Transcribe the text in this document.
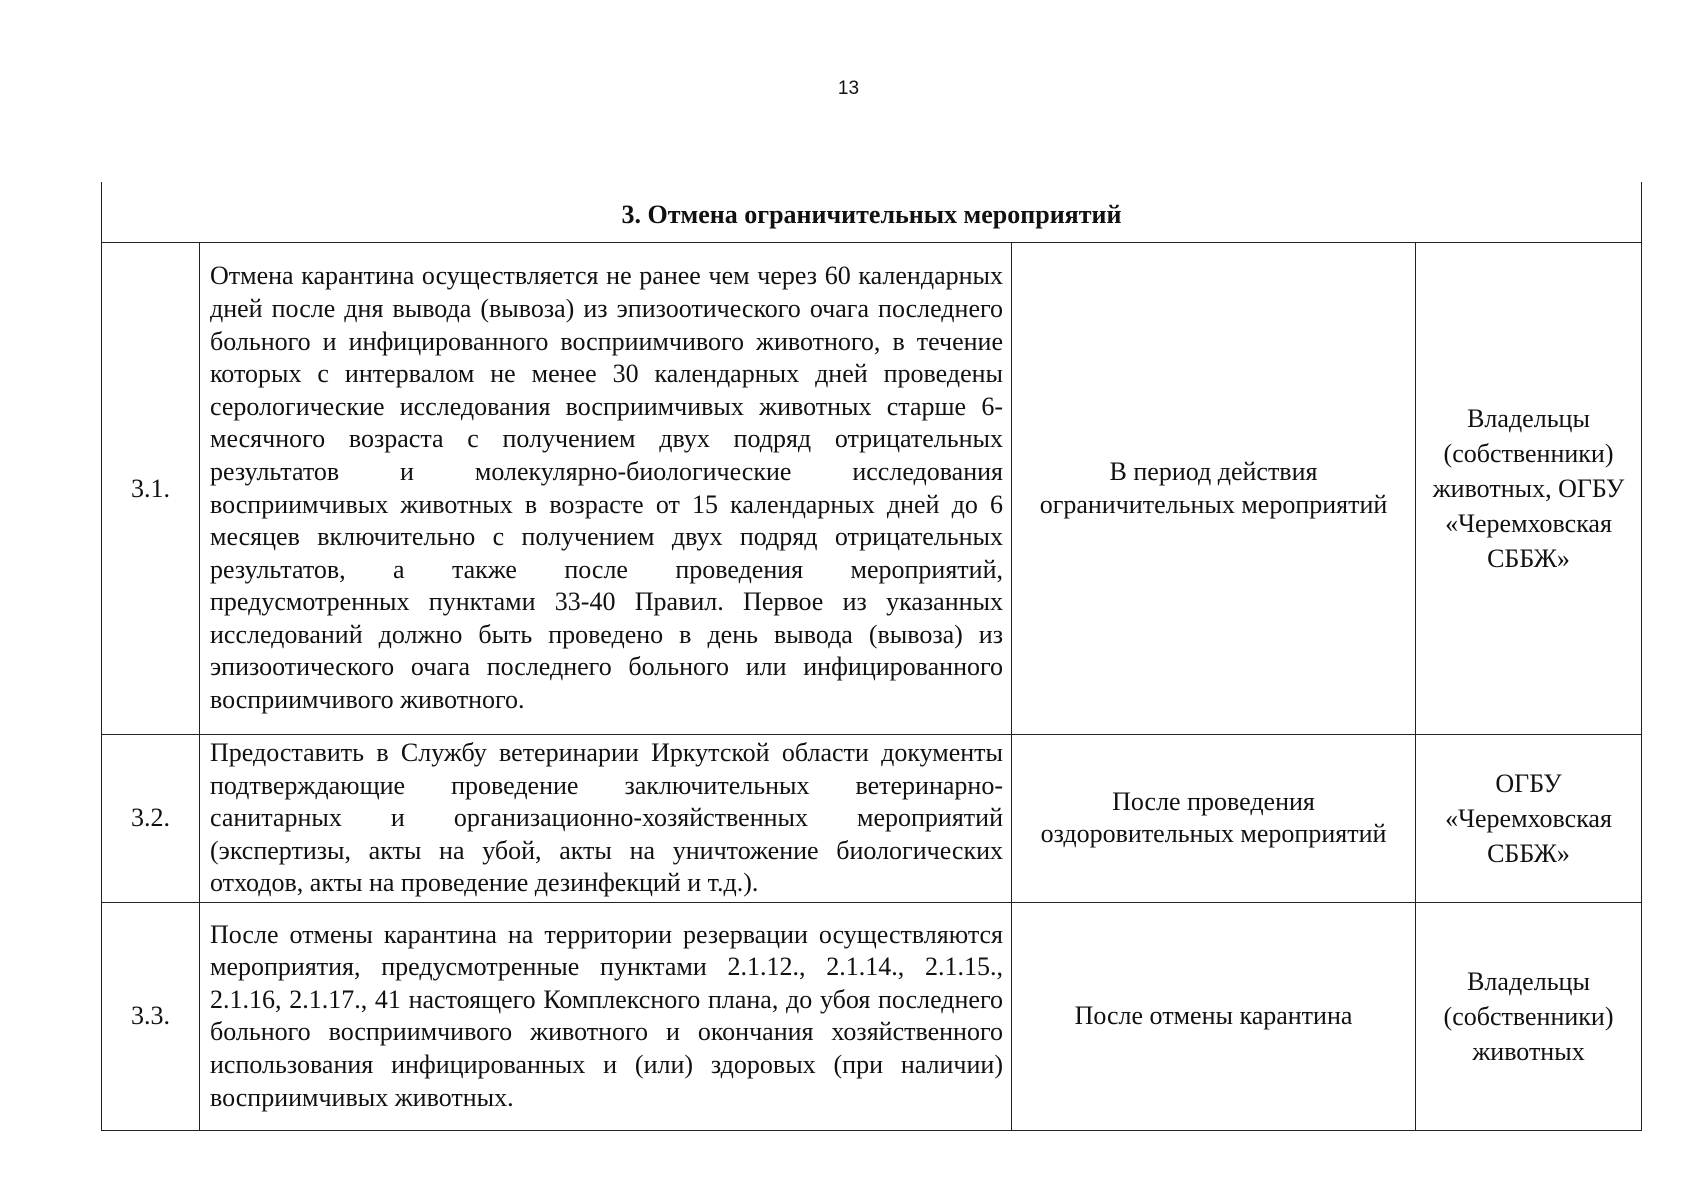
13
3. Отмена ограничительных мероприятий			
3.1.	Отмена карантина осуществляется не ранее чем через 60 календарных дней после дня вывода (вывоза) из эпизоотического очага последнего больного и инфицированного восприимчивого животного, в течение которых с интервалом не менее 30 календарных дней проведены серологические исследования восприимчивых животных старше 6-месячного возраста с получением двух подряд отрицательных результатов и молекулярно-биологические исследования восприимчивых животных в возрасте от 15 календарных дней до 6 месяцев включительно с получением двух подряд отрицательных результатов, а также после проведения мероприятий, предусмотренных пунктами 33-40 Правил. Первое из указанных исследований должно быть проведено в день вывода (вывоза) из эпизоотического очага последнего больного или инфицированного восприимчивого животного.	В период действия ограничительных мероприятий	Владельцы (собственники) животных, ОГБУ «Черемховская СББЖ»
3.2.	Предоставить в Службу ветеринарии Иркутской области документы подтверждающие проведение заключительных ветеринарно-санитарных и организационно-хозяйственных мероприятий (экспертизы, акты на убой, акты на уничтожение биологических отходов, акты на проведение дезинфекций и т.д.).	После проведения оздоровительных мероприятий	ОГБУ «Черемховская СББЖ»
3.3.	После отмены карантина на территории резервации осуществляются мероприятия, предусмотренные пунктами 2.1.12., 2.1.14., 2.1.15., 2.1.16, 2.1.17., 41 настоящего Комплексного плана, до убоя последнего больного восприимчивого животного и окончания хозяйственного использования инфицированных и (или) здоровых (при наличии) восприимчивых животных.	После отмены карантина	Владельцы (собственники) животных
